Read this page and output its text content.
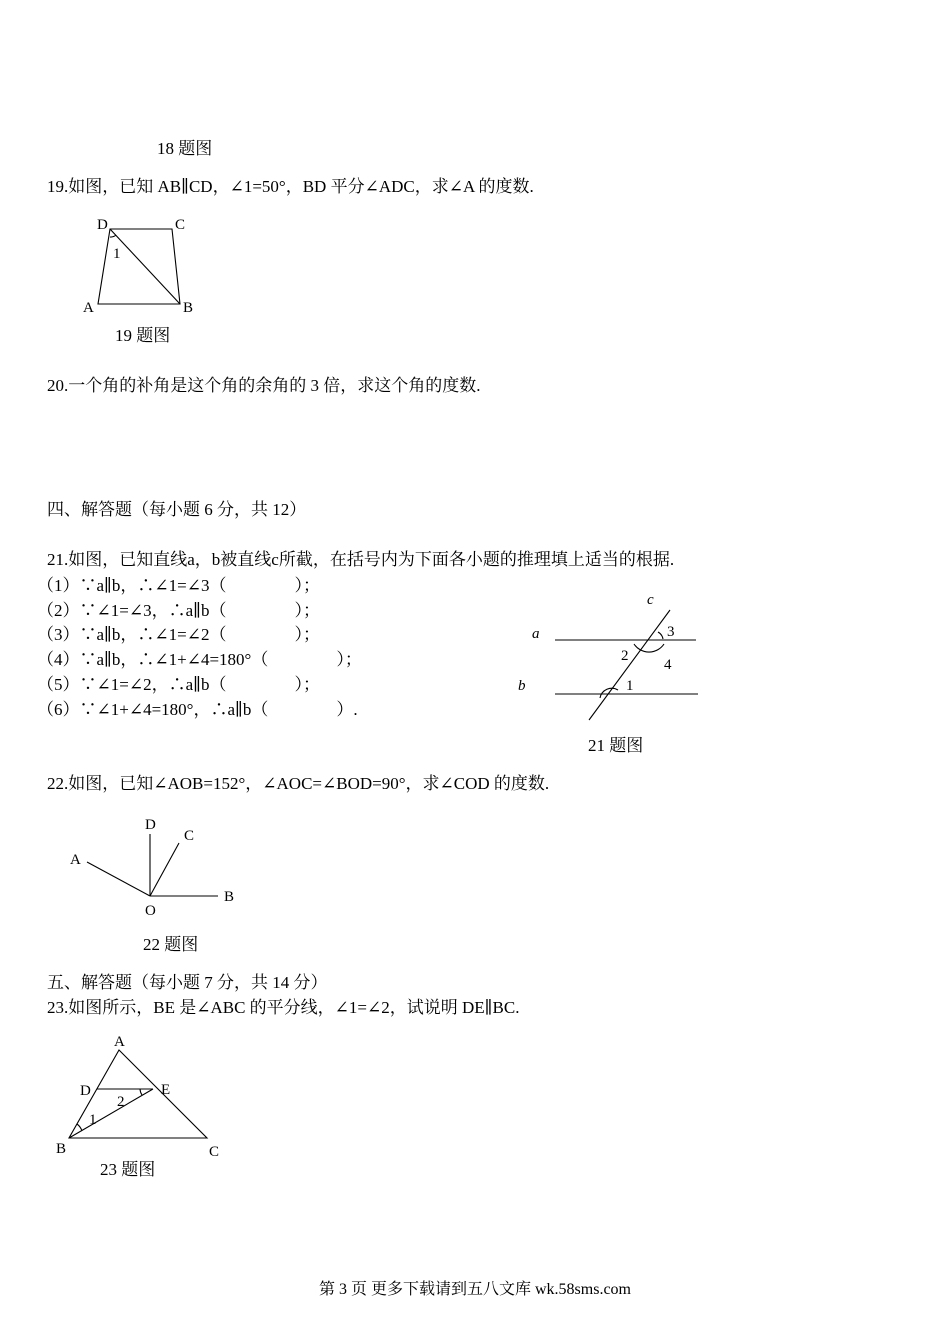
18 题图
19.如图，已知 AB∥CD，∠1=50°，BD 平分∠ADC，求∠A 的度数.
D	C
A	B
1
19 题图
20.一个角的补角是这个角的余角的 3 倍，求这个角的度数.
四、解答题（每小题 6 分，共 12）
21.如图，已知直线a，b被直线c所截，在括号内为下面各小题的推理填上适当的根据.
（1）∵a∥b，∴∠1=∠3（　　　　）；
（2）∵∠1=∠3，∴a∥b（　　　　）；
（3）∵a∥b，∴∠1=∠2（　　　　）；
（4）∵a∥b，∴∠1+∠4=180°（　　　　）；
（5）∵∠1=∠2，∴a∥b（　　　　）；
（6）∵∠1+∠4=180°，∴a∥b（　　　　）.
c
a
b
3
2
4
1
21 题图
22.如图，已知∠AOB=152°，∠AOC=∠BOD=90°，求∠COD 的度数.
D
C
A
B
O
22 题图
五、解答题（每小题 7 分，共 14 分）
23.如图所示，BE 是∠ABC 的平分线，∠1=∠2，试说明 DE∥BC.
A
D	E
B	C
1
2
23 题图
第 3 页 更多下载请到五八文库 wk.58sms.com
